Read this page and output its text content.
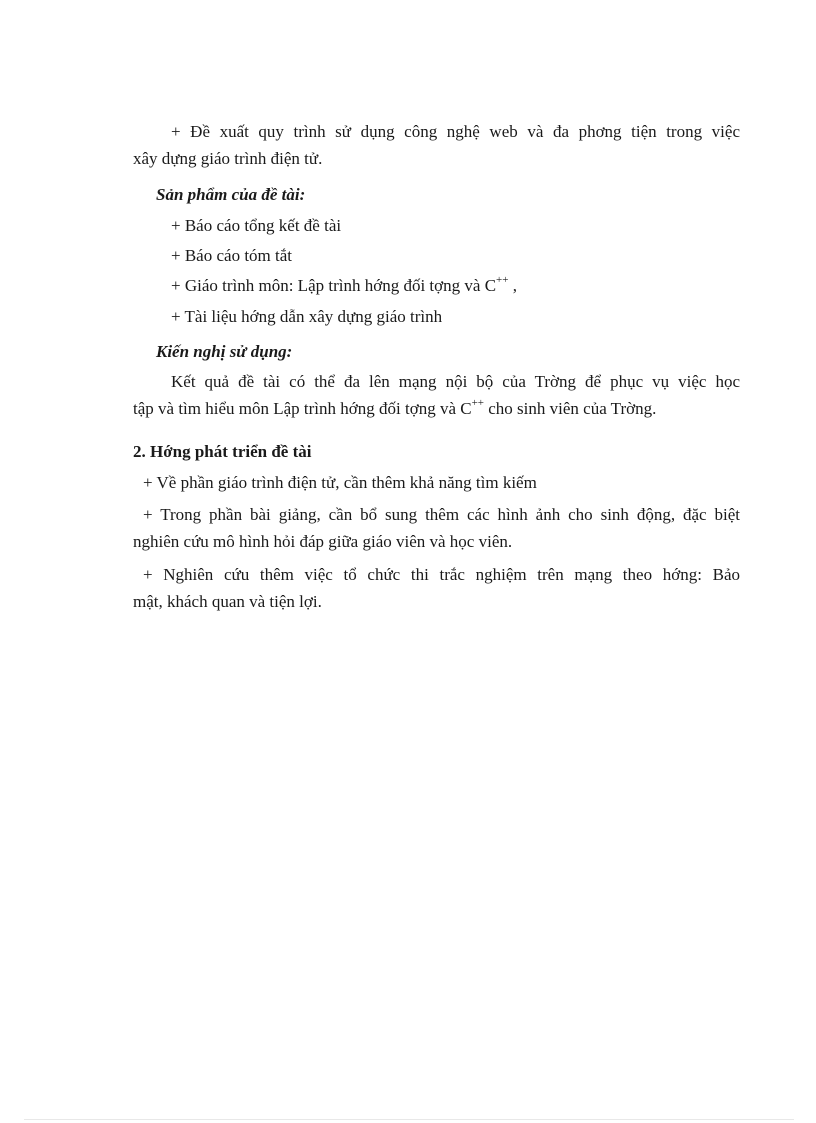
+ Đề xuất quy trình sử dụng công nghệ web và đa phơng tiện trong việc
xây dựng giáo trình điện tử.
Sản phẩm của đề tài:
+ Báo cáo tổng kết đề tài
+ Báo cáo tóm tắt
+ Giáo trình môn: Lập trình hớng đối tợng và C++ ,
+ Tài liệu hớng dẫn xây dựng giáo trình
Kiến nghị sử dụng:
Kết quả đề tài có thể đa lên mạng nội bộ của Trờng để phục vụ việc học
tập và tìm hiểu môn Lập trình hớng đối tợng và C++ cho sinh viên của Trờng.
2. Hớng phát triển đề tài
+ Về phần giáo trình điện tử, cần thêm khả năng tìm kiếm
+ Trong phần bài giảng, cần bổ sung thêm các hình ảnh cho sinh động, đặc biệt
nghiên cứu mô hình hỏi đáp giữa giáo viên và học viên.
+ Nghiên cứu thêm việc tổ chức thi trắc nghiệm trên mạng theo hớng: Bảo
mật, khách quan và tiện lợi.
